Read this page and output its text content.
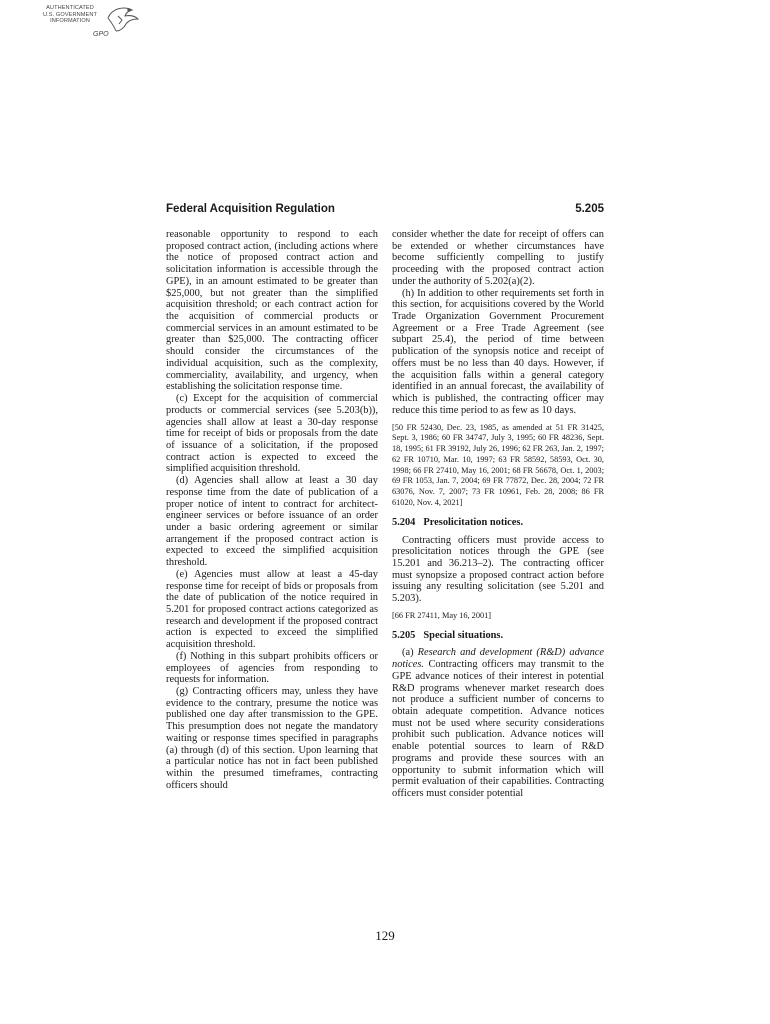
AUTHENTICATED
U.S. GOVERNMENT
INFORMATION
GPO
Federal Acquisition Regulation	5.205

reasonable opportunity to respond to each proposed contract action, (including actions where the notice of proposed contract action and solicitation information is accessible through the GPE), in an amount estimated to be greater than $25,000, but not greater than the simplified acquisition threshold; or each contract action for the acquisition of commercial products or commercial services in an amount estimated to be greater than $25,000. The contracting officer should consider the circumstances of the individual acquisition, such as the complexity, commerciality, availability, and urgency, when establishing the solicitation response time.

(c) Except for the acquisition of commercial products or commercial services (see 5.203(b)), agencies shall allow at least a 30-day response time for receipt of bids or proposals from the date of issuance of a solicitation, if the proposed contract action is expected to exceed the simplified acquisition threshold.

(d) Agencies shall allow at least a 30 day response time from the date of publication of a proper notice of intent to contract for architect-engineer services or before issuance of an order under a basic ordering agreement or similar arrangement if the proposed contract action is expected to exceed the simplified acquisition threshold.

(e) Agencies must allow at least a 45-day response time for receipt of bids or proposals from the date of publication of the notice required in 5.201 for proposed contract actions categorized as research and development if the proposed contract action is expected to exceed the simplified acquisition threshold.

(f) Nothing in this subpart prohibits officers or employees of agencies from responding to requests for information.

(g) Contracting officers may, unless they have evidence to the contrary, presume the notice was published one day after transmission to the GPE. This presumption does not negate the mandatory waiting or response times specified in paragraphs (a) through (d) of this section. Upon learning that a particular notice has not in fact been published within the presumed timeframes, contracting officers should

consider whether the date for receipt of offers can be extended or whether circumstances have become sufficiently compelling to justify proceeding with the proposed contract action under the authority of 5.202(a)(2).

(h) In addition to other requirements set forth in this section, for acquisitions covered by the World Trade Organization Government Procurement Agreement or a Free Trade Agreement (see subpart 25.4), the period of time between publication of the synopsis notice and receipt of offers must be no less than 40 days. However, if the acquisition falls within a general category identified in an annual forecast, the availability of which is published, the contracting officer may reduce this time period to as few as 10 days.

[50 FR 52430, Dec. 23, 1985, as amended at 51 FR 31425, Sept. 3, 1986; 60 FR 34747, July 3, 1995; 60 FR 48236, Sept. 18, 1995; 61 FR 39192, July 26, 1996; 62 FR 263, Jan. 2, 1997; 62 FR 10710, Mar. 10, 1997; 63 FR 58592, 58593, Oct. 30, 1998; 66 FR 27410, May 16, 2001; 68 FR 56678, Oct. 1, 2003; 69 FR 1053, Jan. 7, 2004; 69 FR 77872, Dec. 28, 2004; 72 FR 63076, Nov. 7, 2007; 73 FR 10961, Feb. 28, 2008; 86 FR 61020, Nov. 4, 2021]

5.204 Presolicitation notices.

Contracting officers must provide access to presolicitation notices through the GPE (see 15.201 and 36.213–2). The contracting officer must synopsize a proposed contract action before issuing any resulting solicitation (see 5.201 and 5.203).

[66 FR 27411, May 16, 2001]

5.205 Special situations.

(a) Research and development (R&D) advance notices. Contracting officers may transmit to the GPE advance notices of their interest in potential R&D programs whenever market research does not produce a sufficient number of concerns to obtain adequate competition. Advance notices must not be used where security considerations prohibit such publication. Advance notices will enable potential sources to learn of R&D programs and provide these sources with an opportunity to submit information which will permit evaluation of their capabilities. Contracting officers must consider potential

129
